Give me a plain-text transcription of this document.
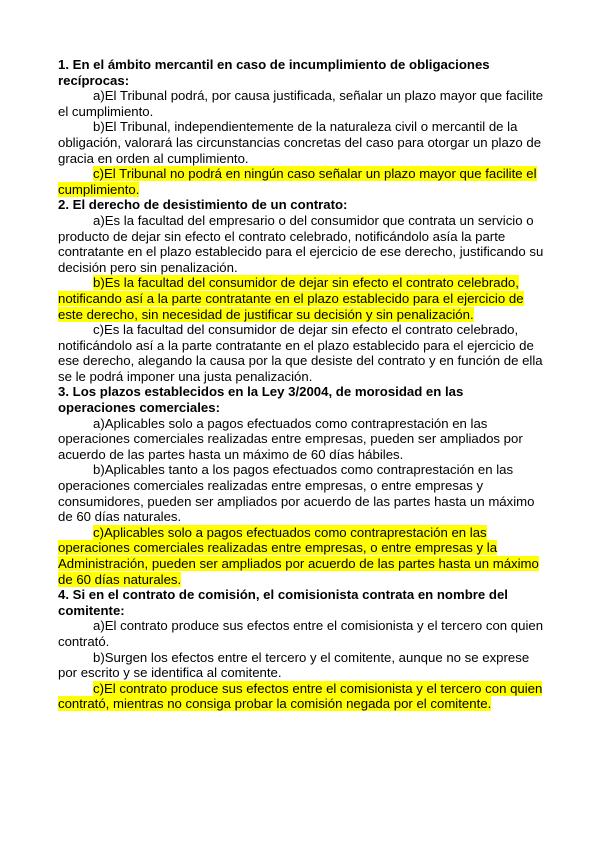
1. En el ámbito mercantil en caso de incumplimiento de obligaciones recíprocas:

a)El Tribunal podrá, por causa justificada, señalar un plazo mayor que facilite el cumplimiento.

b)El Tribunal, independientemente de la naturaleza civil o mercantil de la obligación, valorará las circunstancias concretas del caso para otorgar un plazo de gracia en orden al cumplimiento.

c)El Tribunal no podrá en ningún caso señalar un plazo mayor que facilite el cumplimiento.

2. El derecho de desistimiento de un contrato:

a)Es la facultad del empresario o del consumidor que contrata un servicio o producto de dejar sin efecto el contrato celebrado, notificándolo asía la parte contratante en el plazo establecido para el ejercicio de ese derecho, justificando su decisión pero sin penalización.

b)Es la facultad del consumidor de dejar sin efecto el contrato celebrado, notificando así a la parte contratante en el plazo establecido para el ejercicio de este derecho, sin necesidad de justificar su decisión y sin penalización.

c)Es la facultad del consumidor de dejar sin efecto el contrato celebrado, notificándolo así a la parte contratante en el plazo establecido para el ejercicio de ese derecho, alegando la causa por la que desiste del contrato y en función de ella se le podrá imponer una justa penalización.

3. Los plazos establecidos en la Ley 3/2004, de morosidad en las operaciones comerciales:

a)Aplicables solo a pagos efectuados como contraprestación en las operaciones comerciales realizadas entre empresas, pueden ser ampliados por acuerdo de las partes hasta un máximo de 60 días hábiles.

b)Aplicables tanto a los pagos efectuados como contraprestación en las operaciones comerciales realizadas entre empresas, o entre empresas y consumidores, pueden ser ampliados por acuerdo de las partes hasta un máximo de 60 días naturales.

c)Aplicables solo a pagos efectuados como contraprestación en las operaciones comerciales realizadas entre empresas, o entre empresas y la Administración, pueden ser ampliados por acuerdo de las partes hasta un máximo de 60 días naturales.

4. Si en el contrato de comisión, el comisionista contrata en nombre del comitente:

a)El contrato produce sus efectos entre el comisionista y el tercero con quien contrató.

b)Surgen los efectos entre el tercero y el comitente, aunque no se exprese por escrito y se identifica al comitente.

c)El contrato produce sus efectos entre el comisionista y el tercero con quien contrató, mientras no consiga probar la comisión negada por el comitente.
